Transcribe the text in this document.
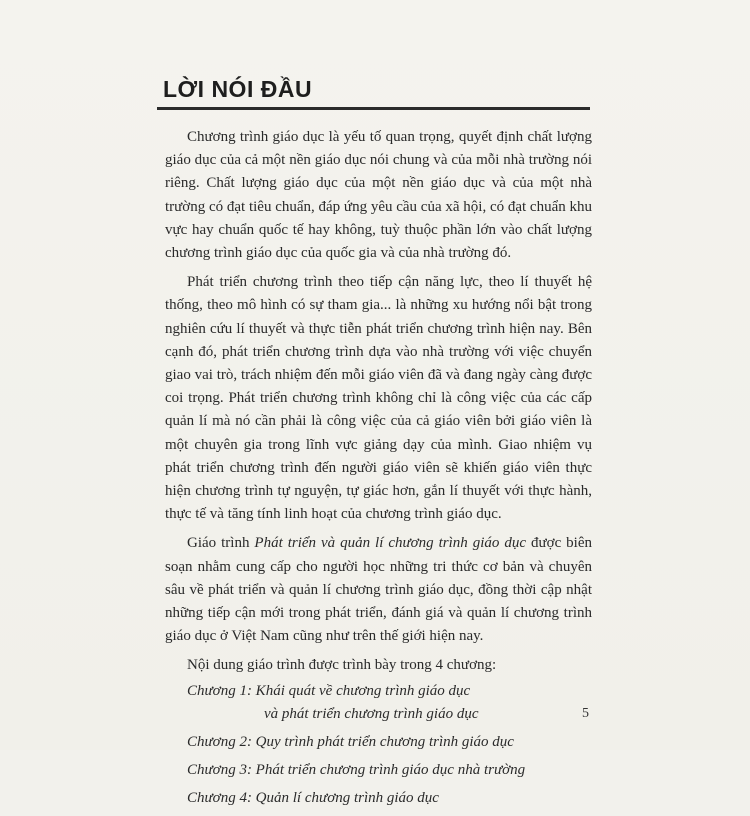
LỜI NÓI ĐẦU

Chương trình giáo dục là yếu tố quan trọng, quyết định chất lượng giáo dục của cả một nền giáo dục nói chung và của mỗi nhà trường nói riêng. Chất lượng giáo dục của một nền giáo dục và của một nhà trường có đạt tiêu chuẩn, đáp ứng yêu cầu của xã hội, có đạt chuẩn khu vực hay chuẩn quốc tế hay không, tuỳ thuộc phần lớn vào chất lượng chương trình giáo dục của quốc gia và của nhà trường đó.

Phát triển chương trình theo tiếp cận năng lực, theo lí thuyết hệ thống, theo mô hình có sự tham gia... là những xu hướng nổi bật trong nghiên cứu lí thuyết và thực tiễn phát triển chương trình hiện nay. Bên cạnh đó, phát triển chương trình dựa vào nhà trường với việc chuyển giao vai trò, trách nhiệm đến mỗi giáo viên đã và đang ngày càng được coi trọng. Phát triển chương trình không chỉ là công việc của các cấp quản lí mà nó cần phải là công việc của cả giáo viên bởi giáo viên là một chuyên gia trong lĩnh vực giảng dạy của mình. Giao nhiệm vụ phát triển chương trình đến người giáo viên sẽ khiến giáo viên thực hiện chương trình tự nguyện, tự giác hơn, gắn lí thuyết với thực hành, thực tế và tăng tính linh hoạt của chương trình giáo dục.

Giáo trình Phát triển và quản lí chương trình giáo dục được biên soạn nhằm cung cấp cho người học những tri thức cơ bản và chuyên sâu về phát triển và quản lí chương trình giáo dục, đồng thời cập nhật những tiếp cận mới trong phát triển, đánh giá và quản lí chương trình giáo dục ở Việt Nam cũng như trên thế giới hiện nay.

Nội dung giáo trình được trình bày trong 4 chương:

Chương 1: Khái quát về chương trình giáo dục
và phát triển chương trình giáo dục
Chương 2: Quy trình phát triển chương trình giáo dục
Chương 3: Phát triển chương trình giáo dục nhà trường
Chương 4: Quản lí chương trình giáo dục
5
